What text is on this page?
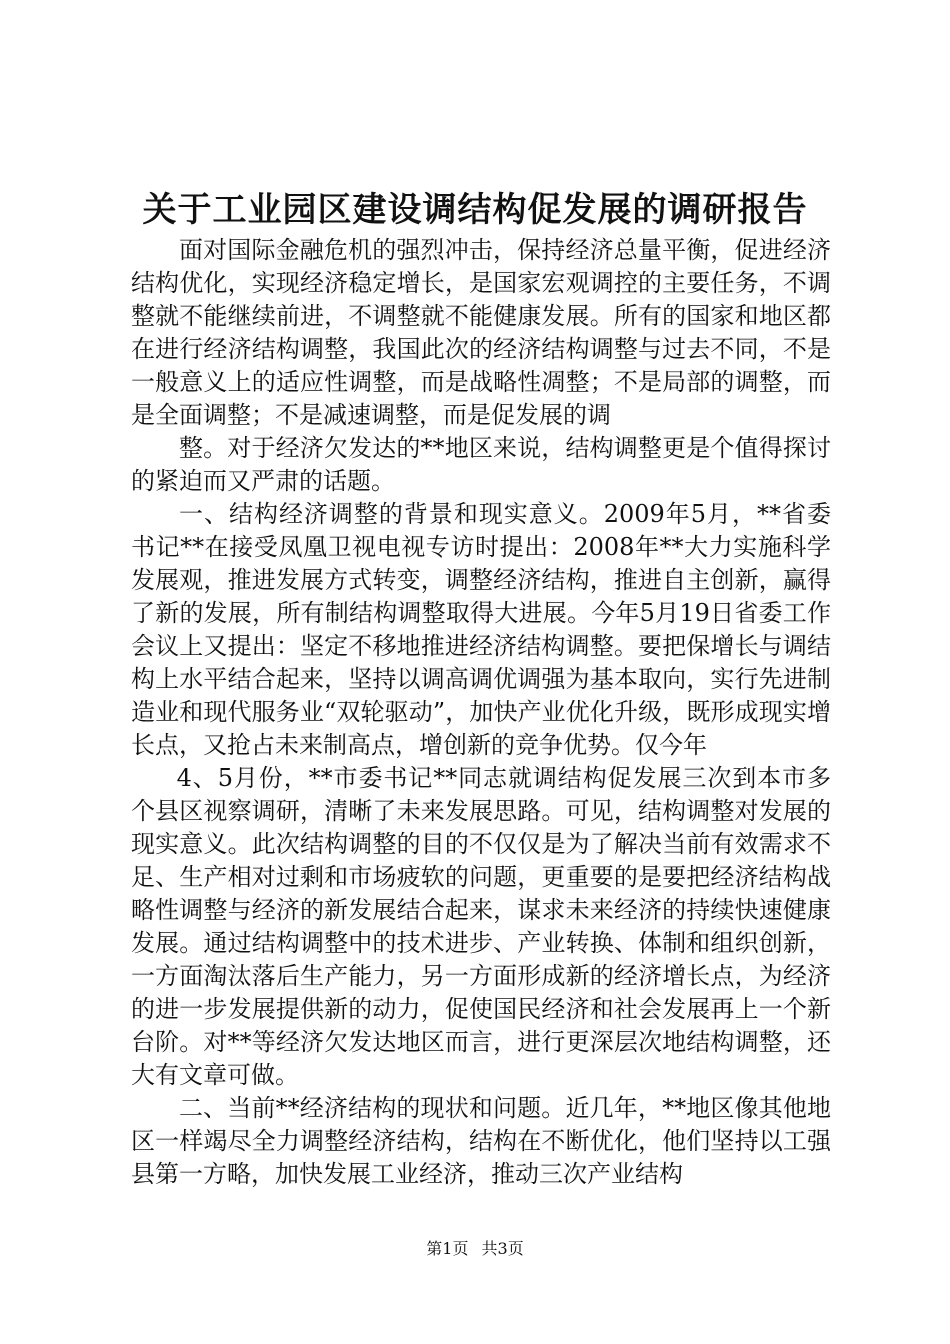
关于工业园区建设调结构促发展的调研报告

面对国际金融危机的强烈冲击，保持经济总量平衡，促进经济结构优化，实现经济稳定增长，是国家宏观调控的主要任务，不调整就不能继续前进，不调整就不能健康发展。所有的国家和地区都在进行经济结构调整，我国此次的经济结构调整与过去不同，不是一般意义上的适应性调整，而是战略性凋整；不是局部的调整，而是全面调整；不是减速调整，而是促发展的调

整。对于经济欠发达的**地区来说，结构调整更是个值得探讨的紧迫而又严肃的话题。

一、结构经济调整的背景和现实意义。2009年5月，**省委书记**在接受凤凰卫视电视专访时提出：2008年**大力实施科学发展观，推进发展方式转变，调整经济结构，推进自主创新，赢得了新的发展，所有制结构调整取得大进展。今年5月19日省委工作会议上又提出：坚定不移地推进经济结构调整。要把保增长与调结构上水平结合起来，坚持以调高调优调强为基本取向，实行先进制造业和现代服务业“双轮驱动”，加快产业优化升级，既形成现实增长点，又抢占未来制高点，增创新的竞争优势。仅今年

4、5月份，**市委书记**同志就调结构促发展三次到本市多个县区视察调研，清晰了未来发展思路。可见，结构调整对发展的现实意义。此次结构调整的目的不仅仅是为了解决当前有效需求不足、生产相对过剩和市场疲软的问题，更重要的是要把经济结构战略性调整与经济的新发展结合起来，谋求未来经济的持续快速健康发展。通过结构调整中的技术进步、产业转换、体制和组织创新，一方面淘汰落后生产能力，另一方面形成新的经济增长点，为经济的进一步发展提供新的动力，促使国民经济和社会发展再上一个新台阶。对**等经济欠发达地区而言，进行更深层次地结构调整，还大有文章可做。

二、当前**经济结构的现状和问题。近几年，**地区像其他地区一样竭尽全力调整经济结构，结构在不断优化，他们坚持以工强县第一方略，加快发展工业经济，推动三次产业结构

第1页 共3页
